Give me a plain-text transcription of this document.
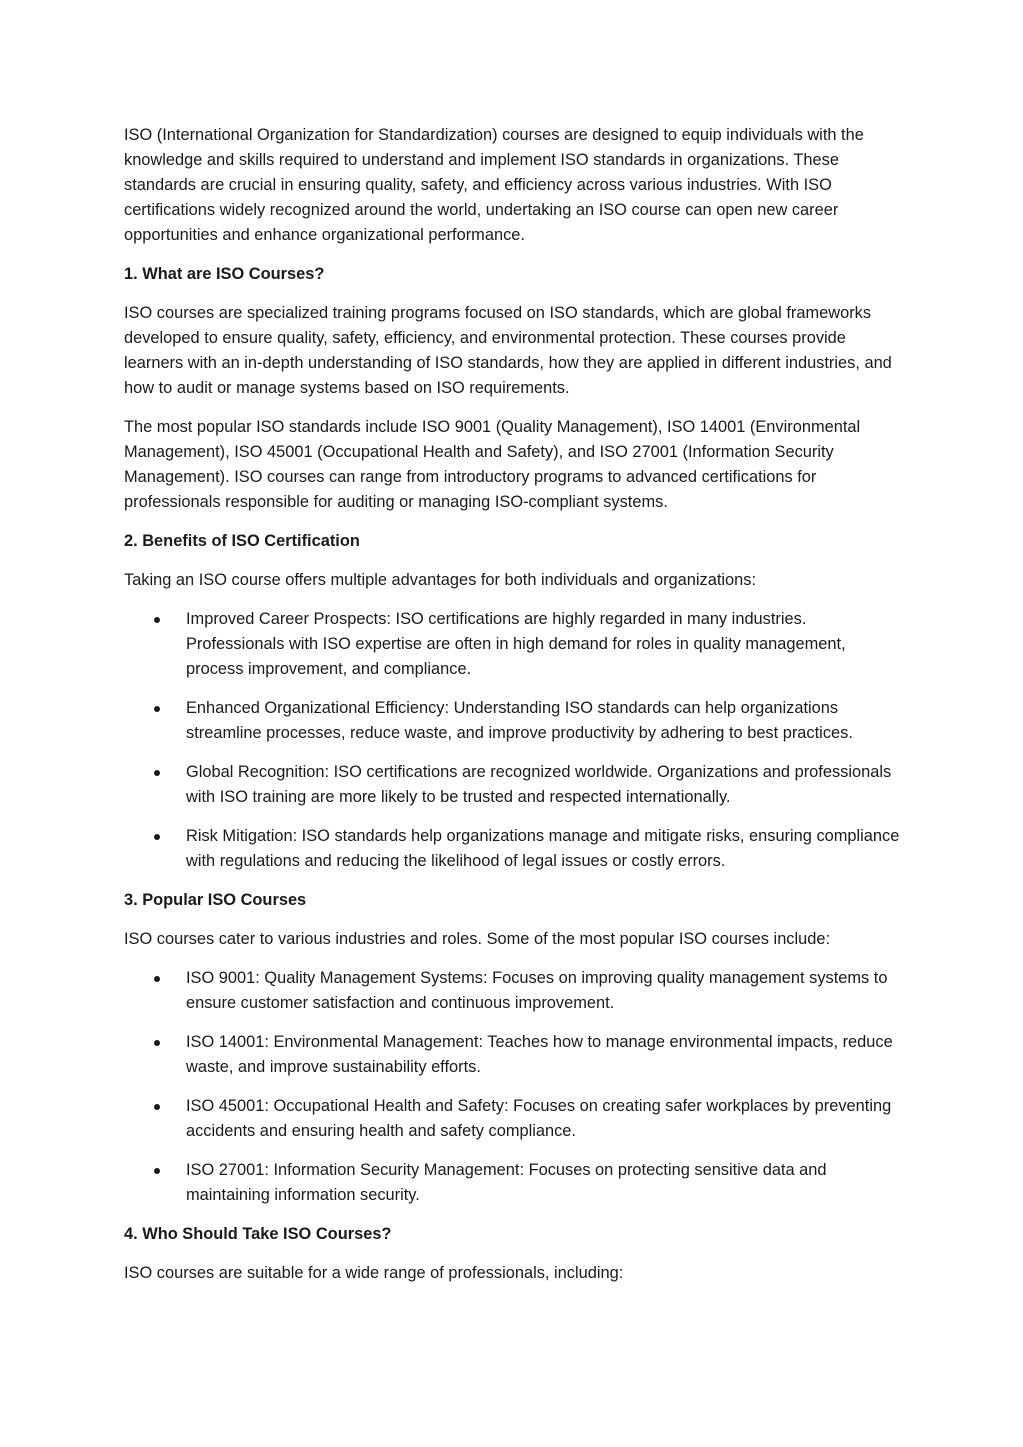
ISO (International Organization for Standardization) courses are designed to equip individuals with the knowledge and skills required to understand and implement ISO standards in organizations. These standards are crucial in ensuring quality, safety, and efficiency across various industries. With ISO certifications widely recognized around the world, undertaking an ISO course can open new career opportunities and enhance organizational performance.

1. What are ISO Courses?

ISO courses are specialized training programs focused on ISO standards, which are global frameworks developed to ensure quality, safety, efficiency, and environmental protection. These courses provide learners with an in-depth understanding of ISO standards, how they are applied in different industries, and how to audit or manage systems based on ISO requirements.

The most popular ISO standards include ISO 9001 (Quality Management), ISO 14001 (Environmental Management), ISO 45001 (Occupational Health and Safety), and ISO 27001 (Information Security Management). ISO courses can range from introductory programs to advanced certifications for professionals responsible for auditing or managing ISO-compliant systems.

2. Benefits of ISO Certification

Taking an ISO course offers multiple advantages for both individuals and organizations:

Improved Career Prospects: ISO certifications are highly regarded in many industries. Professionals with ISO expertise are often in high demand for roles in quality management, process improvement, and compliance.
Enhanced Organizational Efficiency: Understanding ISO standards can help organizations streamline processes, reduce waste, and improve productivity by adhering to best practices.
Global Recognition: ISO certifications are recognized worldwide. Organizations and professionals with ISO training are more likely to be trusted and respected internationally.
Risk Mitigation: ISO standards help organizations manage and mitigate risks, ensuring compliance with regulations and reducing the likelihood of legal issues or costly errors.
3. Popular ISO Courses

ISO courses cater to various industries and roles. Some of the most popular ISO courses include:

ISO 9001: Quality Management Systems: Focuses on improving quality management systems to ensure customer satisfaction and continuous improvement.
ISO 14001: Environmental Management: Teaches how to manage environmental impacts, reduce waste, and improve sustainability efforts.
ISO 45001: Occupational Health and Safety: Focuses on creating safer workplaces by preventing accidents and ensuring health and safety compliance.
ISO 27001: Information Security Management: Focuses on protecting sensitive data and maintaining information security.
4. Who Should Take ISO Courses?

ISO courses are suitable for a wide range of professionals, including:
